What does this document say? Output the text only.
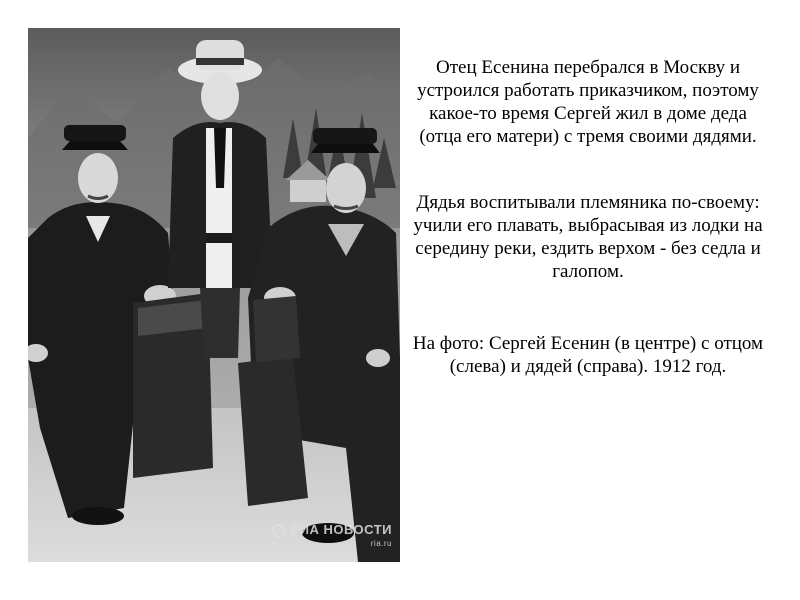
РИА НОВОСТИ
ria.ru

Отец Есенина перебрался в Москву и устроился работать приказчиком, поэтому какое-то время Сергей жил в доме деда (отца его матери) с тремя своими дядями.

Дядья воспитывали племяника по-своему: учили его плавать, выбрасывая из лодки на середину реки, ездить верхом - без седла и галопом.

На фото: Сергей Есенин (в центре) с отцом (слева) и дядей (справа). 1912 год.
